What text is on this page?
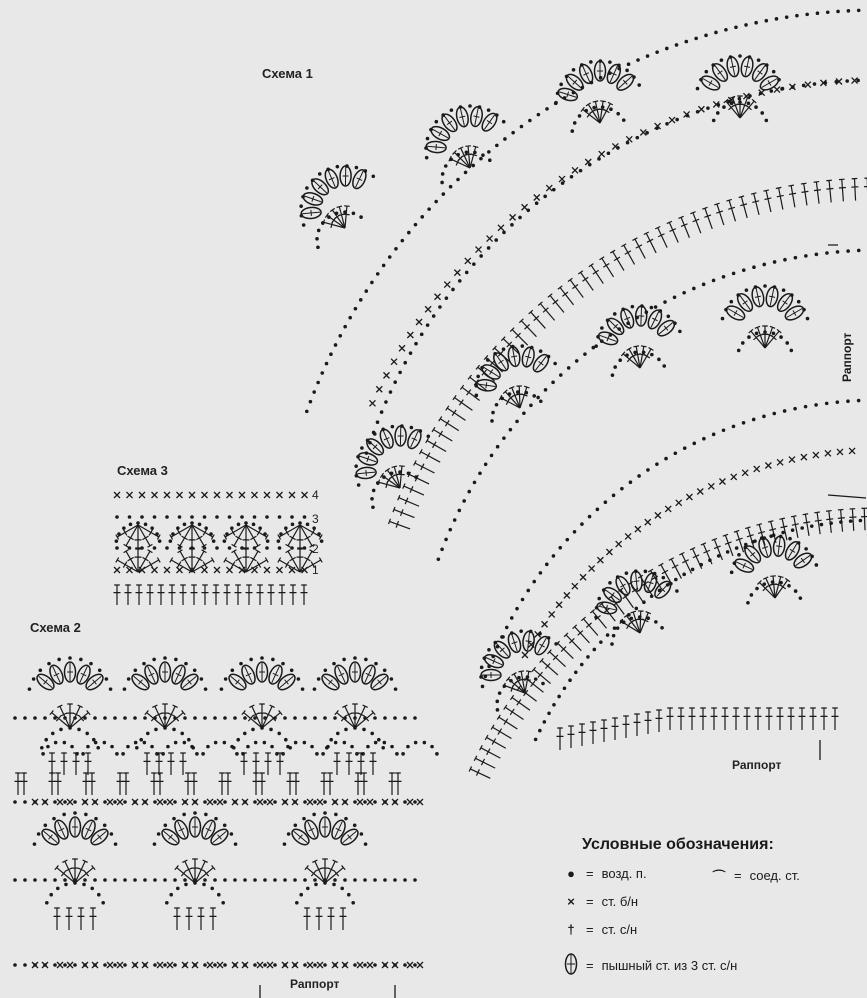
Схема 1
Схема 3
Схема 2
Раппорт
Раппорт
Раппорт
4
3
2
1
Условные обозначения:
● = возд. п.	⌒ = соед. ст.
× = ст. б/н
† = ст. с/н
= пышный ст. из 3 ст. с/н
